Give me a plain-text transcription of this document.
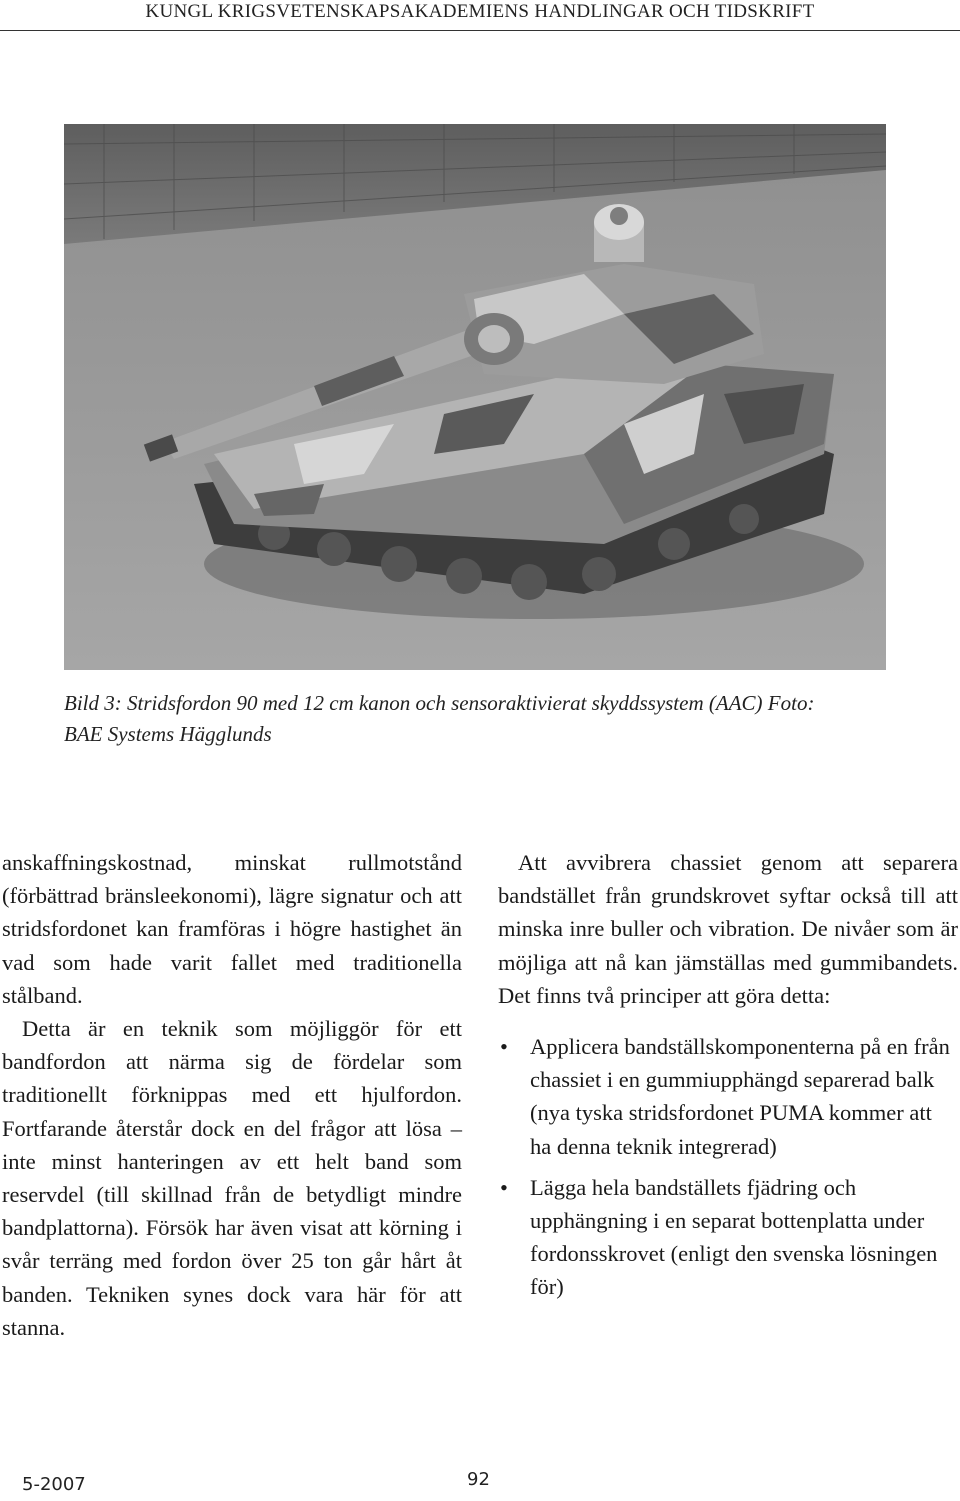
KUNGL KRIGSVETENSKAPSAKADEMIENS HANDLINGAR OCH TIDSKRIFT
Bild 3: Stridsfordon 90 med 12 cm kanon och sensoraktivierat skyddssystem (AAC) Foto: BAE Systems Hägglunds

anskaffningskostnad, minskat rullmotstånd (förbättrad bränsleekonomi), lägre signatur och att stridsfordonet kan framföras i högre hastighet än vad som hade varit fallet med traditionella stålband.

Detta är en teknik som möjliggör för ett bandfordon att närma sig de fördelar som traditionellt förknippas med ett hjulfordon. Fortfarande återstår dock en del frågor att lösa – inte minst hanteringen av ett helt band som reservdel (till skillnad från de betydligt mindre bandplattorna). Försök har även visat att körning i svår terräng med fordon över 25 ton går hårt åt banden. Tekniken synes dock vara här för att stanna.

Att avvibrera chassiet genom att separera bandstället från grundskrovet syftar också till att minska inre buller och vibration. De nivåer som är möjliga att nå kan jämställas med gummibandets. Det finns två principer att göra detta:

• Applicera bandställskomponenterna på en från chassiet i en gummiupphängd separerad balk (nya tyska stridsfordonet PUMA kommer att ha denna teknik integrerad)
• Lägga hela bandställets fjädring och upphängning i en separat bottenplatta under fordonsskrovet (enligt den svenska lösningen för)
5-2007	92
